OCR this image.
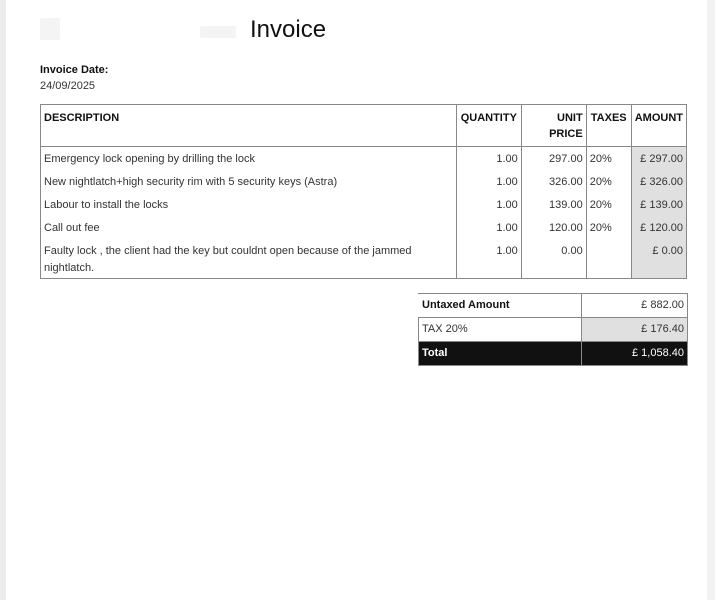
Invoice
Invoice Date:
24/09/2025
DESCRIPTION	QUANTITY	UNIT PRICE	TAXES	AMOUNT
Emergency lock opening by drilling the lock	1.00	297.00	20%	£ 297.00
New nightlatch+high security rim with 5 security keys (Astra)	1.00	326.00	20%	£ 326.00
Labour to install the locks	1.00	139.00	20%	£ 139.00
Call out fee	1.00	120.00	20%	£ 120.00
Faulty lock , the client had the key but couldnt open because of the jammed nightlatch.	1.00	0.00		£ 0.00
Untaxed Amount	£ 882.00
TAX 20%	£ 176.40
Total	£ 1,058.40
